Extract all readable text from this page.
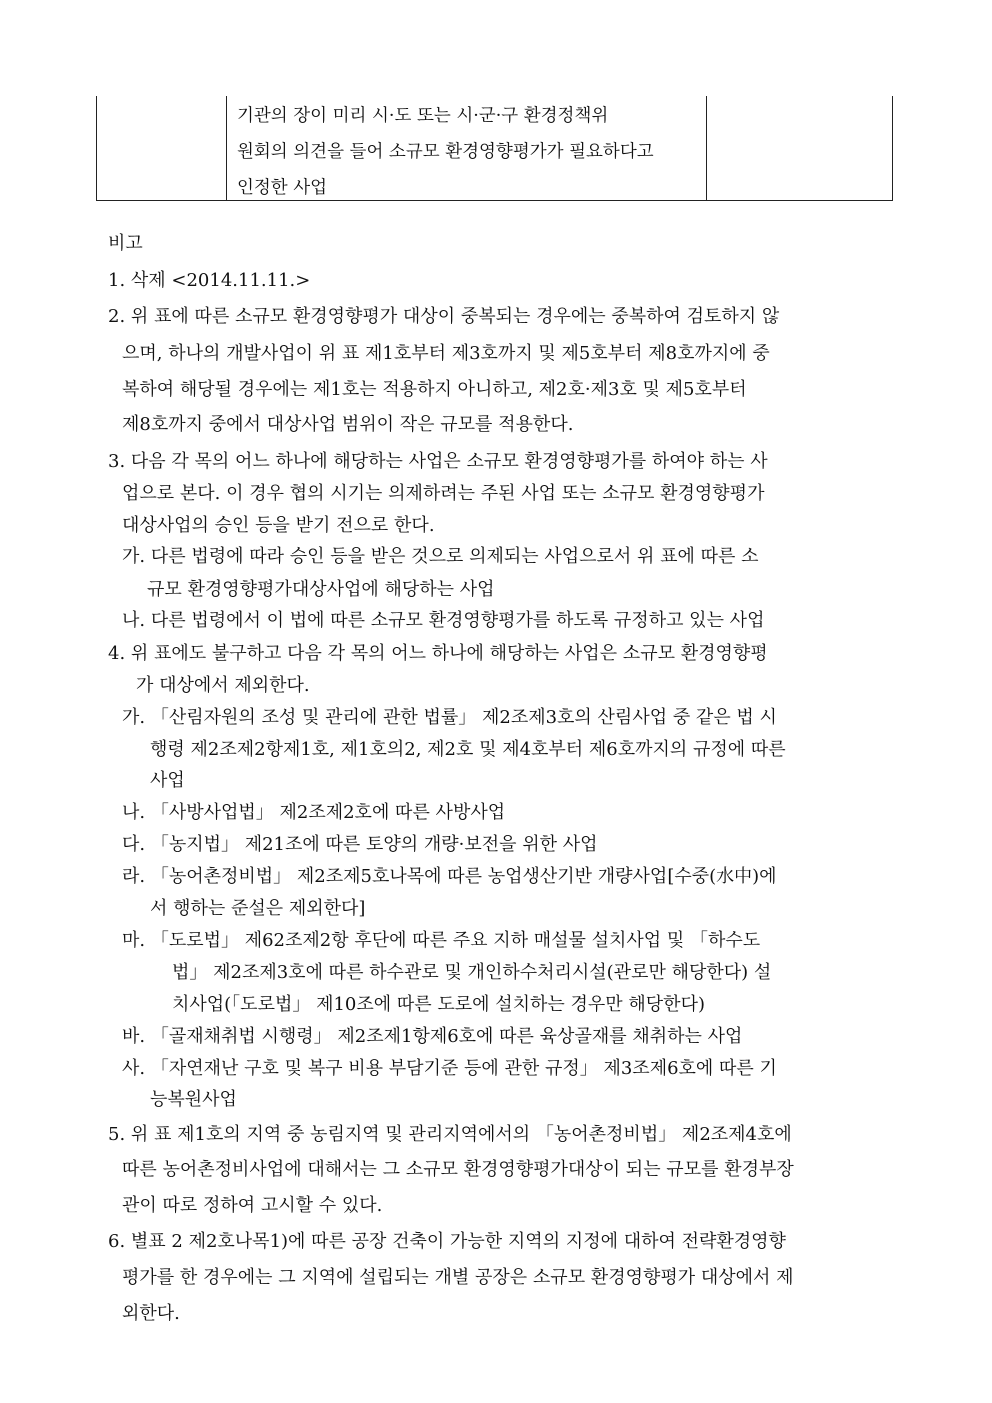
기관의 장이 미리 시·도 또는 시·군·구 환경정책위
원회의 의견을 들어 소규모 환경영향평가가 필요하다고
인정한 사업
비고
1. 삭제 <2014.11.11.>
2. 위 표에 따른 소규모 환경영향평가 대상이 중복되는 경우에는 중복하여 검토하지 않
으며, 하나의 개발사업이 위 표 제1호부터 제3호까지 및 제5호부터 제8호까지에 중
복하여 해당될 경우에는 제1호는 적용하지 아니하고, 제2호·제3호 및 제5호부터
제8호까지 중에서 대상사업 범위이 작은 규모를 적용한다.
3. 다음 각 목의 어느 하나에 해당하는 사업은 소규모 환경영향평가를 하여야 하는 사
업으로 본다. 이 경우 협의 시기는 의제하려는 주된 사업 또는 소규모 환경영향평가
대상사업의 승인 등을 받기 전으로 한다.
가. 다른 법령에 따라 승인 등을 받은 것으로 의제되는 사업으로서 위 표에 따른 소
규모 환경영향평가대상사업에 해당하는 사업
나. 다른 법령에서 이 법에 따른 소규모 환경영향평가를 하도록 규정하고 있는 사업
4. 위 표에도 불구하고 다음 각 목의 어느 하나에 해당하는 사업은 소규모 환경영향평
가 대상에서 제외한다.
가. 「산림자원의 조성 및 관리에 관한 법률」 제2조제3호의 산림사업 중 같은 법 시
행령 제2조제2항제1호, 제1호의2, 제2호 및 제4호부터 제6호까지의 규정에 따른
사업
나. 「사방사업법」 제2조제2호에 따른 사방사업
다. 「농지법」 제21조에 따른 토양의 개량·보전을 위한 사업
라. 「농어촌정비법」 제2조제5호나목에 따른 농업생산기반 개량사업[수중(水中)에
서 행하는 준설은 제외한다]
마. 「도로법」 제62조제2항 후단에 따른 주요 지하 매설물 설치사업 및 「하수도
법」 제2조제3호에 따른 하수관로 및 개인하수처리시설(관로만 해당한다) 설
치사업(「도로법」 제10조에 따른 도로에 설치하는 경우만 해당한다)
바. 「골재채취법 시행령」 제2조제1항제6호에 따른 육상골재를 채취하는 사업
사. 「자연재난 구호 및 복구 비용 부담기준 등에 관한 규정」 제3조제6호에 따른 기
능복원사업
5. 위 표 제1호의 지역 중 농림지역 및 관리지역에서의 「농어촌정비법」 제2조제4호에
따른 농어촌정비사업에 대해서는 그 소규모 환경영향평가대상이 되는 규모를 환경부장
관이 따로 정하여 고시할 수 있다.
6. 별표 2 제2호나목1)에 따른 공장 건축이 가능한 지역의 지정에 대하여 전략환경영향
평가를 한 경우에는 그 지역에 설립되는 개별 공장은 소규모 환경영향평가 대상에서 제
외한다.
